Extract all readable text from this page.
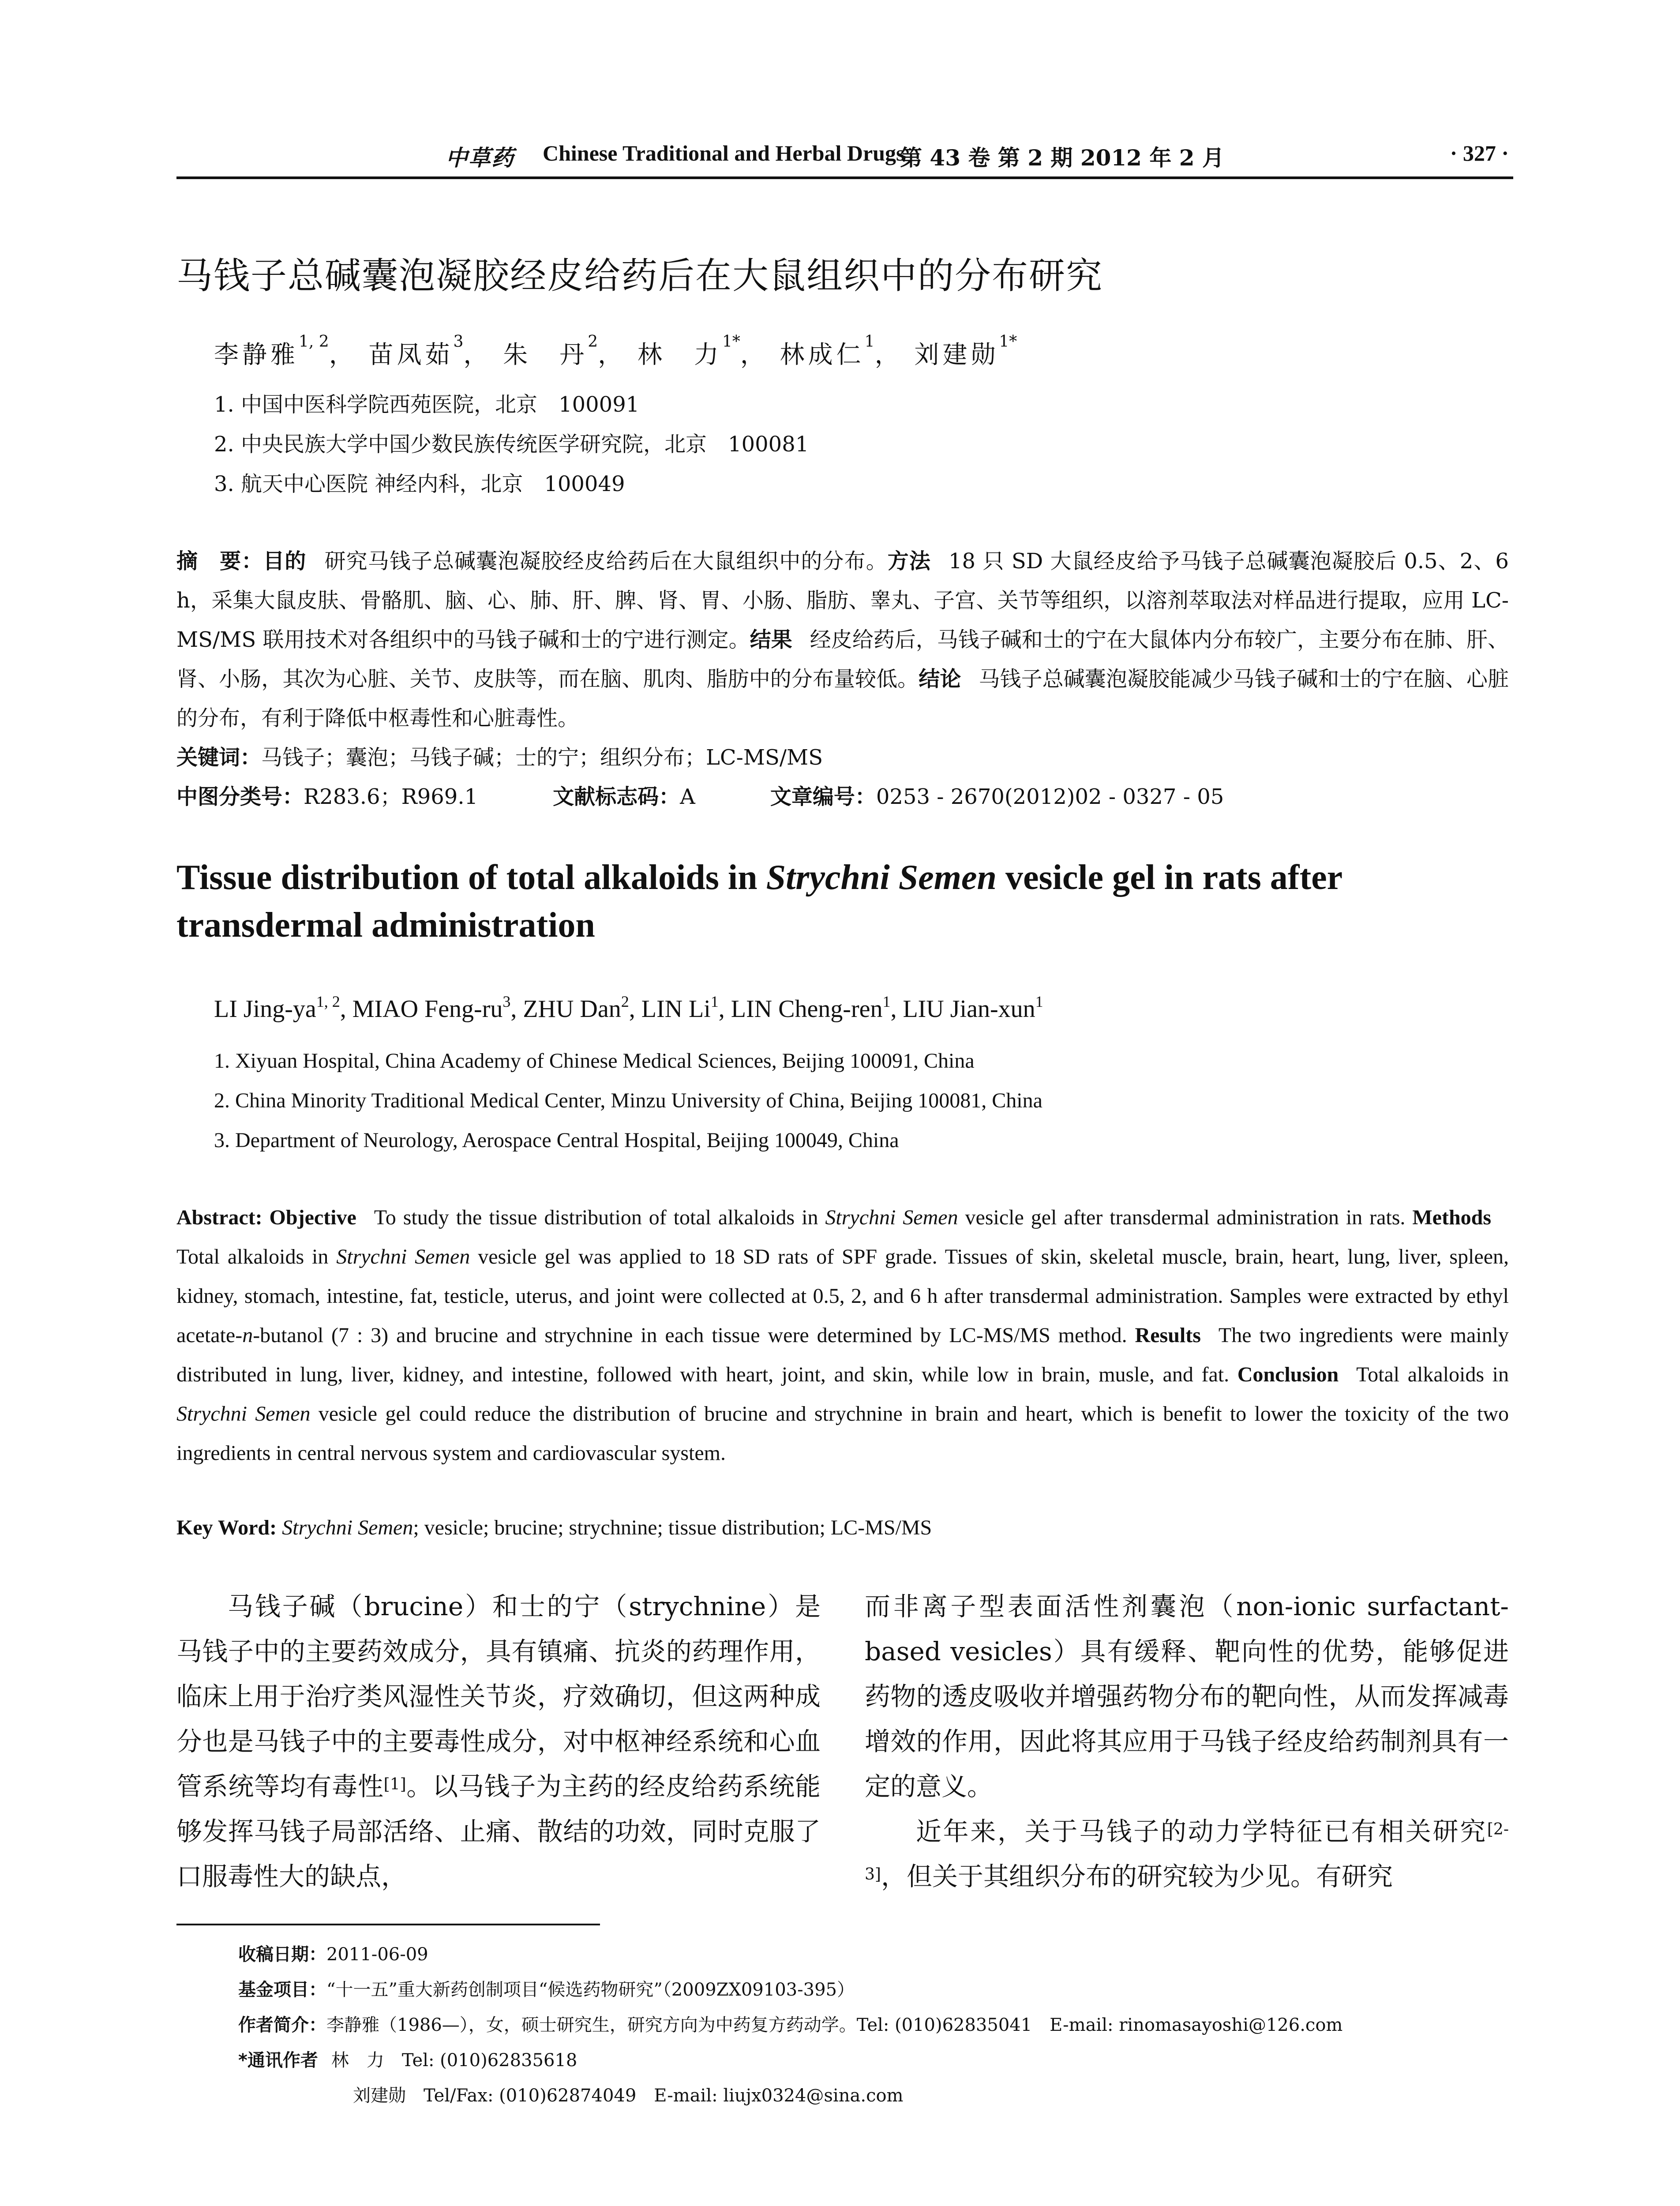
中草药 Chinese Traditional and Herbal Drugs
第 43 卷 第 2 期 2012 年 2 月	· 327 ·
马钱子总碱囊泡凝胶经皮给药后在大鼠组织中的分布研究
李静雅$^{1, 2}$， 苗凤茹$^3$， 朱　丹$^2$， 林　力$^{1*}$， 林成仁$^1$， 刘建勋$^{1*}$
1. 中国中医科学院西苑医院，北京　100091
2. 中央民族大学中国少数民族传统医学研究院，北京　100081
3. 航天中心医院 神经内科，北京　100049
摘　要：目的 研究马钱子总碱囊泡凝胶经皮给药后在大鼠组织中的分布。方法 18 只 SD 大鼠经皮给予马钱子总碱囊泡凝胶后 0.5、2、6 h，采集大鼠皮肤、骨骼肌、脑、心、肺、肝、脾、肾、胃、小肠、脂肪、睾丸、子宫、关节等组织，以溶剂萃取法对样品进行提取，应用 LC-MS/MS 联用技术对各组织中的马钱子碱和士的宁进行测定。结果 经皮给药后，马钱子碱和士的宁在大鼠体内分布较广，主要分布在肺、肝、肾、小肠，其次为心脏、关节、皮肤等，而在脑、肌肉、脂肪中的分布量较低。结论 马钱子总碱囊泡凝胶能减少马钱子碱和士的宁在脑、心脏的分布，有利于降低中枢毒性和心脏毒性。
关键词：马钱子；囊泡；马钱子碱；士的宁；组织分布；LC-MS/MS
中图分类号：R283.6；R969.1	文献标志码：A	文章编号：0253 - 2670(2012)02 - 0327 - 05
Tissue distribution of total alkaloids in Strychni Semen vesicle gel in rats after transdermal administration
LI Jing-ya$^{1, 2}$, MIAO Feng-$ru^3$, ZHU Dan$^2$, LIN Li$^1$, LIN Cheng-ren$^1$, LIU Jian-xun$^1$
1. Xiyuan Hospital, China Academy of Chinese Medical Sciences, Beijing 100091, China
2. China Minority Traditional Medical Center, Minzu University of China, Beijing 100081, China
3. Department of Neurology, Aerospace Central Hospital, Beijing 100049, China
Abstract: Objective To study the tissue distribution of total alkaloids in Strychni Semen vesicle gel after transdermal administration in rats. MethodsTotal alkaloids in Strychni Semen vesicle gel was applied to 18 SD rats of SPF grade. Tissues of skin, skeletal muscle, brain, heart, lung, liver, spleen, kidney, stomach, intestine, fat, testicle, uterus, and joint were collected at 0.5, 2, and 6 h after transdermal administration. Samples were extracted by ethyl acetate-n-butanol (7 : 3) and brucine and strychnine in each tissue were determined by LC-MS/MS method. Results The two ingredients were mainly distributed in lung, liver, kidney, and intestine, followed with heart, joint, and skin, while low in brain, musle, and fat. Conclusion Total alkaloids in Strychni Semen vesicle gel could reduce the distribution of brucine and strychnine in brain and heart, which is benefit to lower the toxicity of the two ingredients in central nervous system and cardiovascular system.
Key Word: Strychni Semen; vesicle; brucine; strychnine; tissue distribution; LC-MS/MS

马钱子碱（brucine）和士的宁（strychnine）是马钱子中的主要药效成分，具有镇痛、抗炎的药理作用，临床上用于治疗类风湿性关节炎，疗效确切，但这两种成分也是马钱子中的主要毒性成分，对中枢神经系统和心血管系统等均有毒性[1]。以马钱子为主药的经皮给药系统能够发挥马钱子局部活络、止痛、散结的功效，同时克服了口服毒性大的缺点，

而非离子型表面活性剂囊泡（non-ionic surfactant-based vesicles）具有缓释、靶向性的优势，能够促进药物的透皮吸收并增强药物分布的靶向性，从而发挥减毒增效的作用，因此将其应用于马钱子经皮给药制剂具有一定的意义。

近年来，关于马钱子的动力学特征已有相关研究[2-3]，但关于其组织分布的研究较为少见。有研究

收稿日期：2011-06-09
基金项目：“十一五”重大新药创制项目“候选药物研究”（2009ZX09103-395）
作者简介：李静雅（1986—），女，硕士研究生，研究方向为中药复方药动学。Tel: (010)62835041　E-mail: rinomasayoshi@126.com
*通讯作者 林　力　Tel: (010)62835618
刘建勋　Tel/Fax: (010)62874049　E-mail: liujx0324@sina.com
